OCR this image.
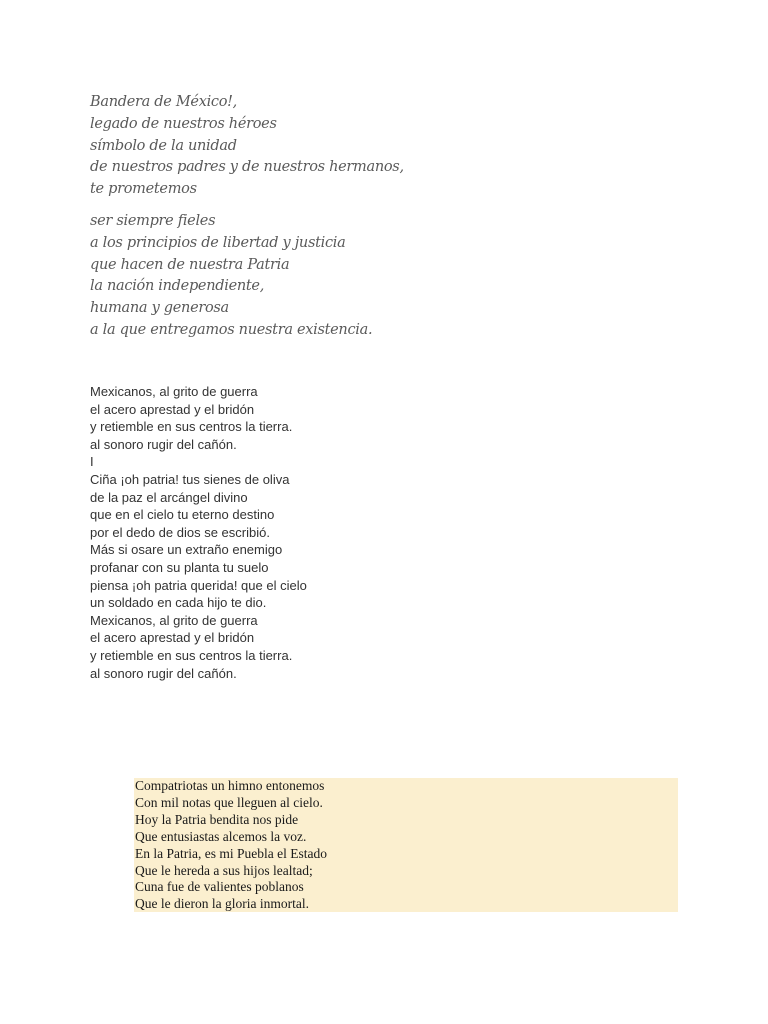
Bandera de México!,
legado de nuestros héroes
símbolo de la unidad
de nuestros padres y de nuestros hermanos,
te prometemos
ser siempre fieles
a los principios de libertad y justicia
que hacen de nuestra Patria
la nación independiente,
humana y generosa
a la que entregamos nuestra existencia.
Mexicanos, al grito de guerra
el acero aprestad y el bridón
y retiemble en sus centros la tierra.
al sonoro rugir del cañón.
I
Ciña ¡oh patria! tus sienes de oliva
de la paz el arcángel divino
que en el cielo tu eterno destino
por el dedo de dios se escribió.
Más si osare un extraño enemigo
profanar con su planta tu suelo
piensa ¡oh patria querida! que el cielo
un soldado en cada hijo te dio.
Mexicanos, al grito de guerra
el acero aprestad y el bridón
y retiemble en sus centros la tierra.
al sonoro rugir del cañón.
Compatriotas un himno entonemos
Con mil notas que lleguen al cielo.
Hoy la Patria bendita nos pide
Que entusiastas alcemos la voz.
En la Patria, es mi Puebla el Estado
Que le hereda a sus hijos lealtad;
Cuna fue de valientes poblanos
Que le dieron la gloria inmortal.
